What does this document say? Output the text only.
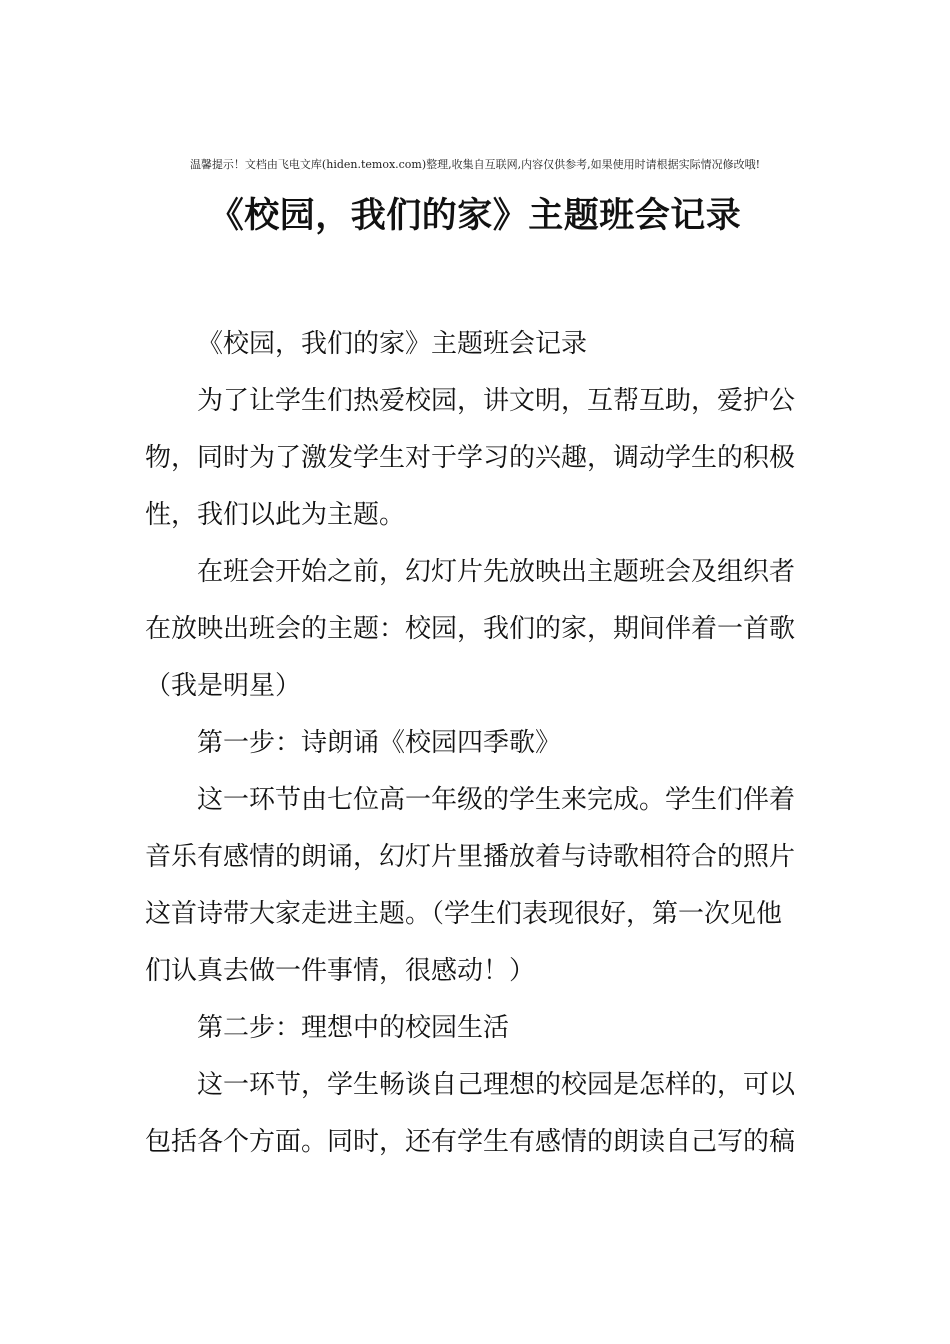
温馨提示！文档由飞电文库(hiden.temox.com)整理,收集自互联网,内容仅供参考,如果使用时请根据实际情况修改哦!
《校园，我们的家》主题班会记录

《校园，我们的家》主题班会记录

为了让学生们热爱校园，讲文明，互帮互助，爱护公
物，同时为了激发学生对于学习的兴趣，调动学生的积极
性，我们以此为主题。

在班会开始之前，幻灯片先放映出主题班会及组织者
在放映出班会的主题：校园，我们的家，期间伴着一首歌
（我是明星）

第一步：诗朗诵《校园四季歌》

这一环节由七位高一年级的学生来完成。学生们伴着
音乐有感情的朗诵，幻灯片里播放着与诗歌相符合的照片
这首诗带大家走进主题。（学生们表现很好，第一次见他
们认真去做一件事情，很感动！）

第二步：理想中的校园生活

这一环节，学生畅谈自己理想的校园是怎样的，可以
包括各个方面。同时，还有学生有感情的朗读自己写的稿
